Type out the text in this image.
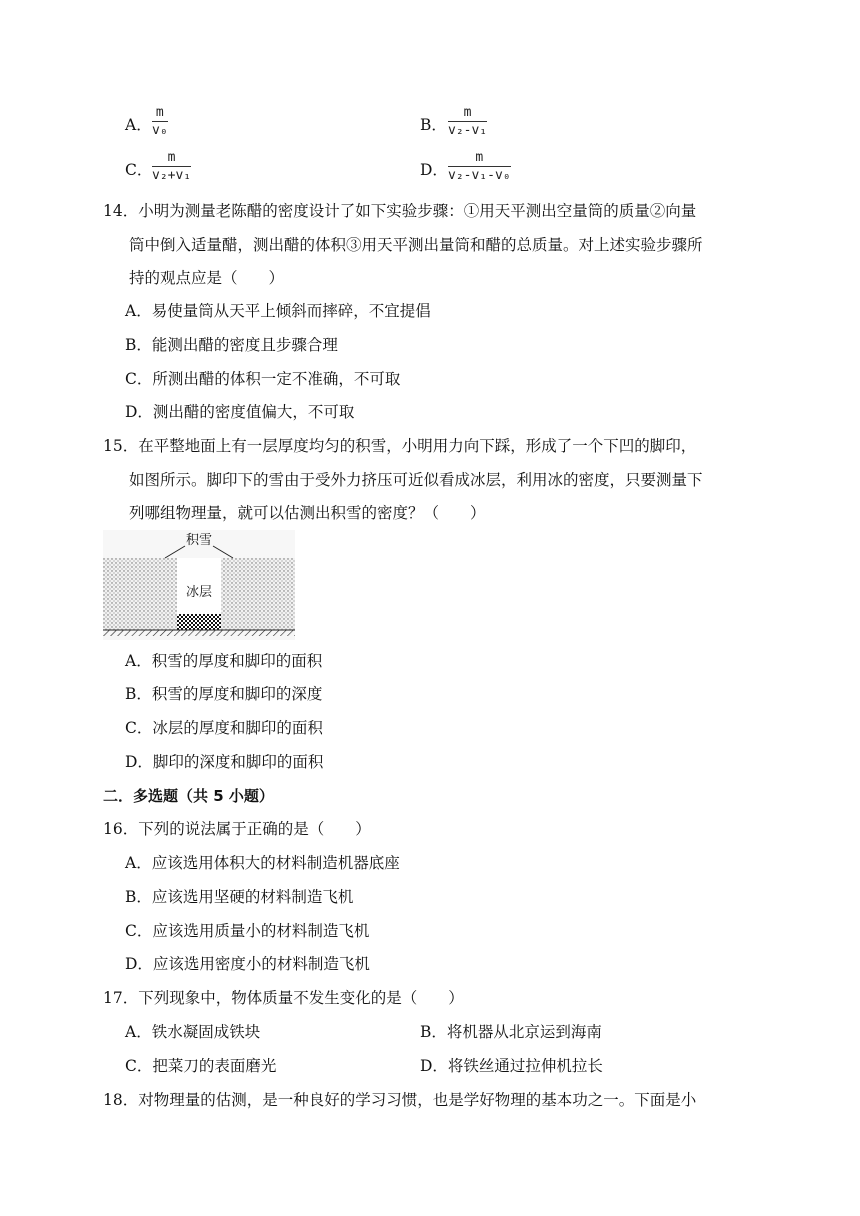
A．
m
v₀	B．
m
v₂-v₁
C．
m
v₂+v₁	D．
m
v₂-v₁-v₀
14．小明为测量老陈醋的密度设计了如下实验步骤：①用天平测出空量筒的质量②向量
筒中倒入适量醋，测出醋的体积③用天平测出量筒和醋的总质量。对上述实验步骤所
持的观点应是（　　）
A．易使量筒从天平上倾斜而摔碎，不宜提倡
B．能测出醋的密度且步骤合理
C．所测出醋的体积一定不准确，不可取
D．测出醋的密度值偏大，不可取
15．在平整地面上有一层厚度均匀的积雪，小明用力向下踩，形成了一个下凹的脚印，
如图所示。脚印下的雪由于受外力挤压可近似看成冰层，利用冰的密度，只要测量下
列哪组物理量，就可以估测出积雪的密度？（　　）
积雪
冰层
A．积雪的厚度和脚印的面积
B．积雪的厚度和脚印的深度
C．冰层的厚度和脚印的面积
D．脚印的深度和脚印的面积
二．多选题（共 5 小题）
16．下列的说法属于正确的是（　　）
A．应该选用体积大的材料制造机器底座
B．应该选用坚硬的材料制造飞机
C．应该选用质量小的材料制造飞机
D．应该选用密度小的材料制造飞机
17．下列现象中，物体质量不发生变化的是（　　）
A．铁水凝固成铁块	B．将机器从北京运到海南
C．把菜刀的表面磨光	D．将铁丝通过拉伸机拉长
18．对物理量的估测，是一种良好的学习习惯，也是学好物理的基本功之一。下面是小
